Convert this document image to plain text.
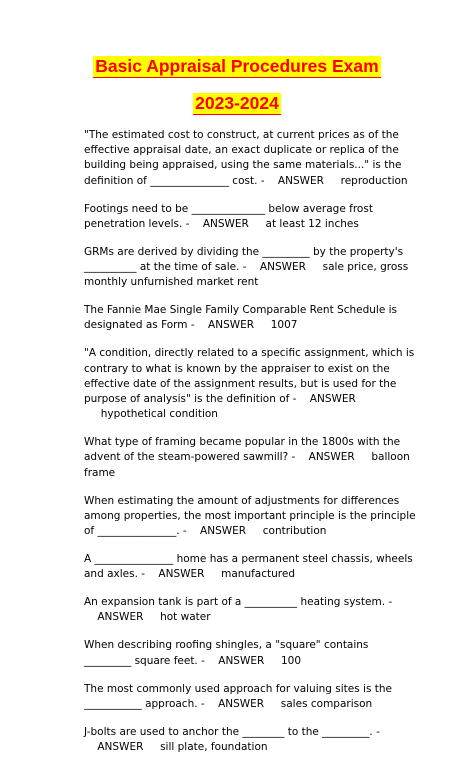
Basic Appraisal Procedures Exam
2023-2024

"The estimated cost to construct, at current prices as of the effective appraisal date, an exact duplicate or replica of the building being appraised, using the same materials..." is the definition of _______________ cost. - ANSWER reproduction

Footings need to be ______________ below average frost penetration levels. - ANSWER at least 12 inches

GRMs are derived by dividing the _________ by the property's __________ at the time of sale. - ANSWER sale price, gross monthly unfurnished market rent

The Fannie Mae Single Family Comparable Rent Schedule is designated as Form - ANSWER 1007

"A condition, directly related to a specific assignment, which is contrary to what is known by the appraiser to exist on the effective date of the assignment results, but is used for the purpose of analysis" is the definition of - ANSWER     hypothetical condition

What type of framing became popular in the 1800s with the advent of the steam-powered sawmill? - ANSWER balloon frame

When estimating the amount of adjustments for differences among properties, the most important principle is the principle of _______________. - ANSWER contribution

A _______________ home has a permanent steel chassis, wheels and axles. - ANSWER manufactured

An expansion tank is part of a __________ heating system. -    ANSWER hot water

When describing roofing shingles, a "square" contains _________ square feet. - ANSWER 100

The most commonly used approach for valuing sites is the ___________ approach. - ANSWER sales comparison

J-bolts are used to anchor the ________ to the _________. -    ANSWER sill plate, foundation
